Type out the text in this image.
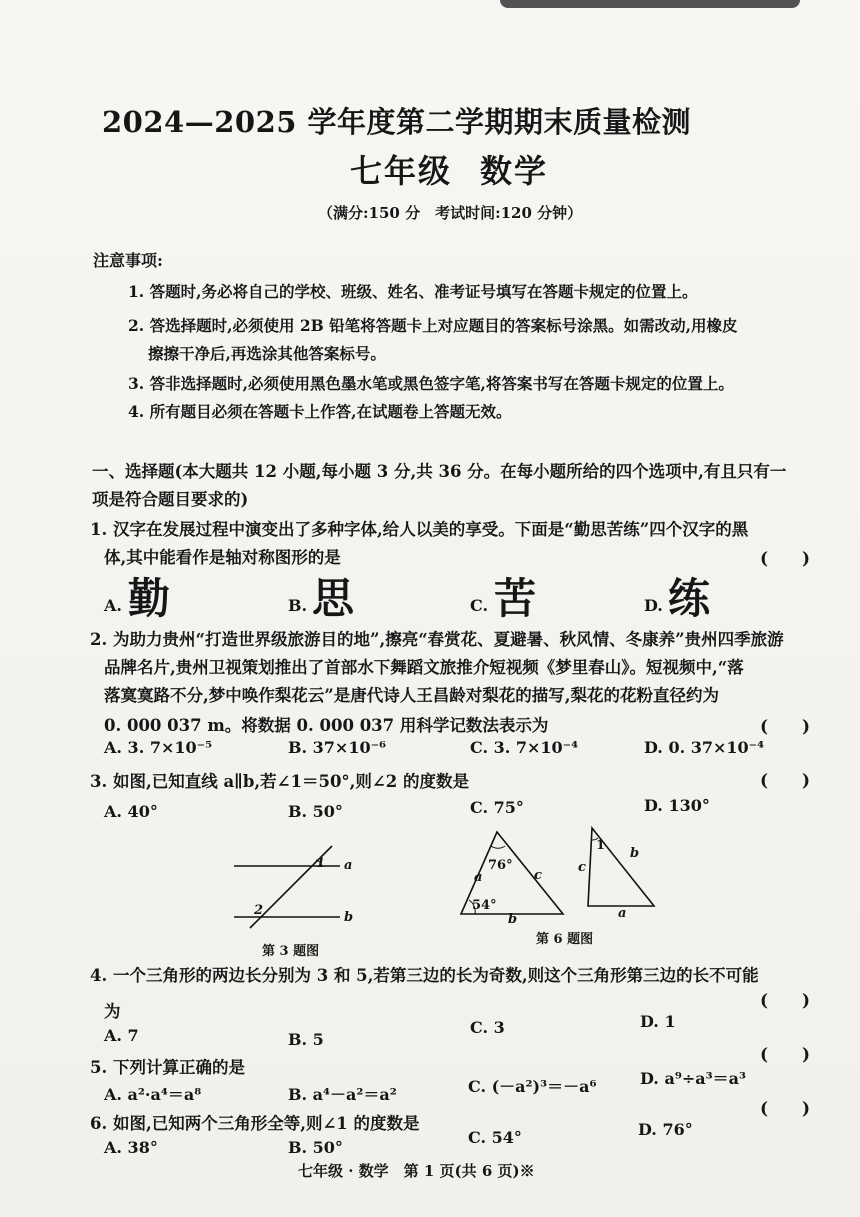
2024—2025 学年度第二学期期末质量检测
七年级 数学
（满分:150 分　考试时间:120 分钟）
注意事项:
1. 答题时,务必将自己的学校、班级、姓名、准考证号填写在答题卡规定的位置上。
2. 答选择题时,必须使用 2B 铅笔将答题卡上对应题目的答案标号涂黑。如需改动,用橡皮
擦擦干净后,再选涂其他答案标号。
3. 答非选择题时,必须使用黑色墨水笔或黑色签字笔,将答案书写在答题卡规定的位置上。
4. 所有题目必须在答题卡上作答,在试题卷上答题无效。
一、选择题(本大题共 12 小题,每小题 3 分,共 36 分。在每小题所给的四个选项中,有且只有一
项是符合题目要求的)
1. 汉字在发展过程中演变出了多种字体,给人以美的享受。下面是“勤思苦练”四个汉字的黑
体,其中能看作是轴对称图形的是	(　　)
A. 勤	B. 思	C. 苦	D. 练
2. 为助力贵州“打造世界级旅游目的地”,擦亮“春赏花、夏避暑、秋风情、冬康养”贵州四季旅游
品牌名片,贵州卫视策划推出了首部水下舞蹈文旅推介短视频《梦里春山》。短视频中,“落
落寞寞路不分,梦中唤作梨花云”是唐代诗人王昌龄对梨花的描写,梨花的花粉直径约为
0. 000 037 m。将数据 0. 000 037 用科学记数法表示为	(　　)
A. 3. 7×10⁻⁵	B. 37×10⁻⁶	C. 3. 7×10⁻⁴	D. 0. 37×10⁻⁴
3. 如图,已知直线 a∥b,若∠1＝50°,则∠2 的度数是	(　　)
A. 40°	B. 50°	C. 75°	D. 130°
1 a
2	b
第 3 题图
76°
54°
a	c
b
1
c
b
a
第 6 题图
4. 一个三角形的两边长分别为 3 和 5,若第三边的长为奇数,则这个三角形第三边的长不可能
为
(　　)
A. 7	B. 5
C. 3	D. 1
5. 下列计算正确的是
(　　)
A. a²·a⁴＝a⁸	B. a⁴－a²＝a²	C. (－a²)³＝－a⁶	D. a⁹÷a³＝a³
6. 如图,已知两个三角形全等,则∠1 的度数是
(　　)
A. 38°	B. 50°
C. 54°	D. 76°
七年级 · 数学　第 1 页(共 6 页)※
